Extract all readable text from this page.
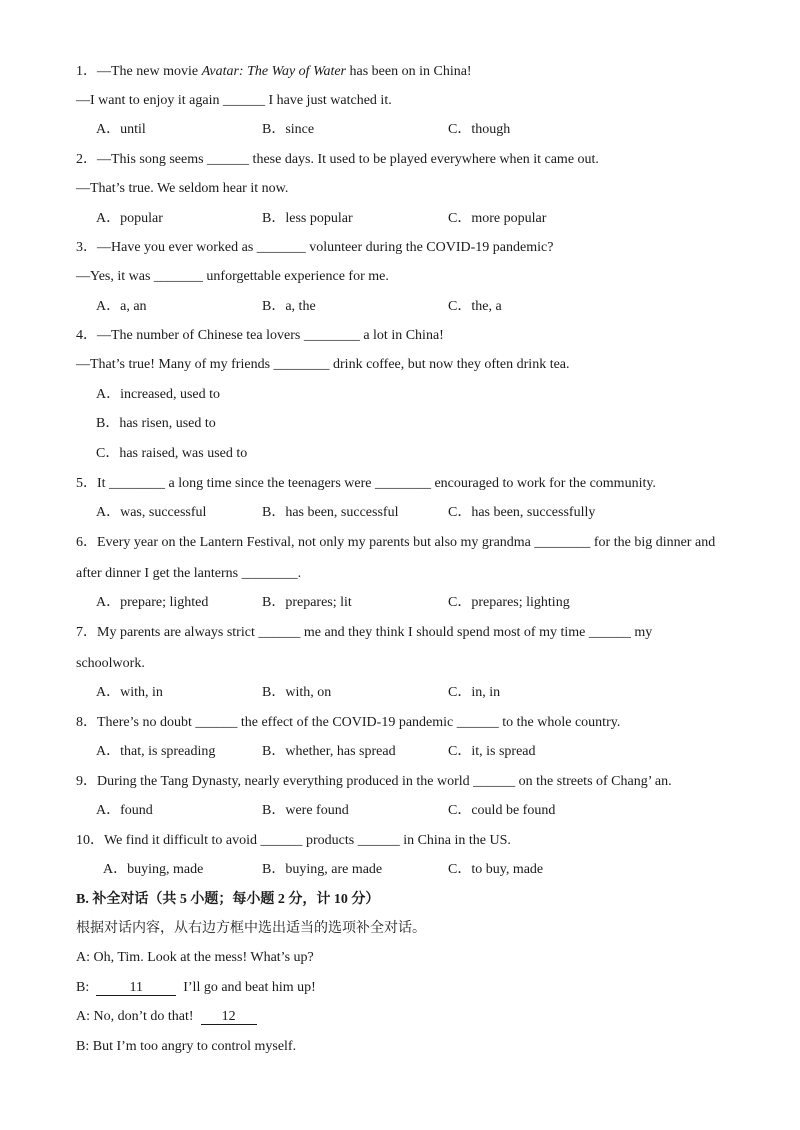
1．—The new movie Avatar: The Way of Water has been on in China!
—I want to enjoy it again ______ I have just watched it.
A．until	B．since	C．though
2．—This song seems ______ these days. It used to be played everywhere when it came out.
—That’s true. We seldom hear it now.
A．popular	B．less popular	C．more popular
3．—Have you ever worked as _______ volunteer during the COVID-19 pandemic?
—Yes, it was _______ unforgettable experience for me.
A．a, an	B．a, the	C．the, a
4．—The number of Chinese tea lovers ________ a lot in China!
—That’s true! Many of my friends ________ drink coffee, but now they often drink tea.
A．increased, used to
B．has risen, used to
C．has raised, was used to
5．It ________ a long time since the teenagers were ________ encouraged to work for the community.
A．was, successful	B．has been, successful	C．has been, successfully
6．Every year on the Lantern Festival, not only my parents but also my grandma ________ for the big dinner and
after dinner I get the lanterns ________.
A．prepare; lighted	B．prepares; lit	C．prepares; lighting
7．My parents are always strict ______ me and they think I should spend most of my time ______ my
schoolwork.
A．with, in	B．with, on	C．in, in
8．There’s no doubt ______ the effect of the COVID-19 pandemic ______ to the whole country.
A．that, is spreading	B．whether, has spread	C．it, is spread
9．During the Tang Dynasty, nearly everything produced in the world ______ on the streets of Chang’ an.
A．found	B．were found	C．could be found
10．We find it difficult to avoid ______ products ______ in China in the US.
A．buying, made	B．buying, are made	C．to buy, made
B. 补全对话（共 5 小题；每小题 2 分，计 10 分）
根据对话内容，从右边方框中选出适当的选项补全对话。
A: Oh, Tim. Look at the mess! What’s up?
B:  11  I’ll go and beat him up!
A: No, don’t do that!  12
B: But I’m too angry to control myself.
